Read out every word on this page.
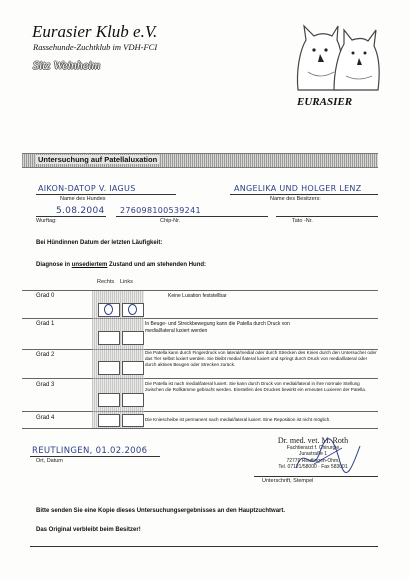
Eurasier Klub e.V.
Rassehunde-Zuchtklub im VDH-FCI
Sitz Weinheim
EURASIER
Untersuchung auf Patellaluxation
AIKON-DATOP V. IAGUS
Name des Hundes
ANGELIKA UND HOLGER LENZ
Name des Besitzers:
5.08.2004
Wurftag:
276098100539241
Chip-Nr.	Tato -Nr.
Bei Hündinnen Datum der letzten Läufigkeit:
Diagnose in unsediertem Zustand und am stehenden Hund:
Rechts Links
Grad 0	Keine Luxation feststellbar
Grad 1	In Beuge- und Streckbewegung kann die Patella durch Druck von medial/lateral luxiert werden
Grad 2	Die Patella kann durch Fingerdruck von lateral/medial oder durch Strecken des Knies durch den Untersucher oder das Tier selbst luxiert werden. Sie bleibt medial /lateral luxiert und springt durch Druck von medial/lateral oder durch aktives Beugen oder Strecken zurück.
Grad 3	Die Patella ist nach medial/lateral luxiert. Sie kann durch Druck von medial/lateral in ihre normale Stellung zwischen die Rollkämme gebracht werden. Einstellen des Druckes bewirkt ein erneutes Luxieren der Patella.
Grad 4	Die Kniescheibe ist permanent nach medial/lateral luxiert. Eine Reposition ist nicht möglich.
Dr. med. vet. M. Roth
Fachtierarzt f. Chirurgie
Jurastraße 1
72770 Reutlingen-Ohm.
Tel. 07121/58000 · Fax 583001
REUTLINGEN, 01.02.2006
Ort, Datum
Unterschrift, Stempel
Bitte senden Sie eine Kopie dieses Untersuchungsergebnisses an den Hauptzuchtwart.
Das Original verbleibt beim Besitzer!
